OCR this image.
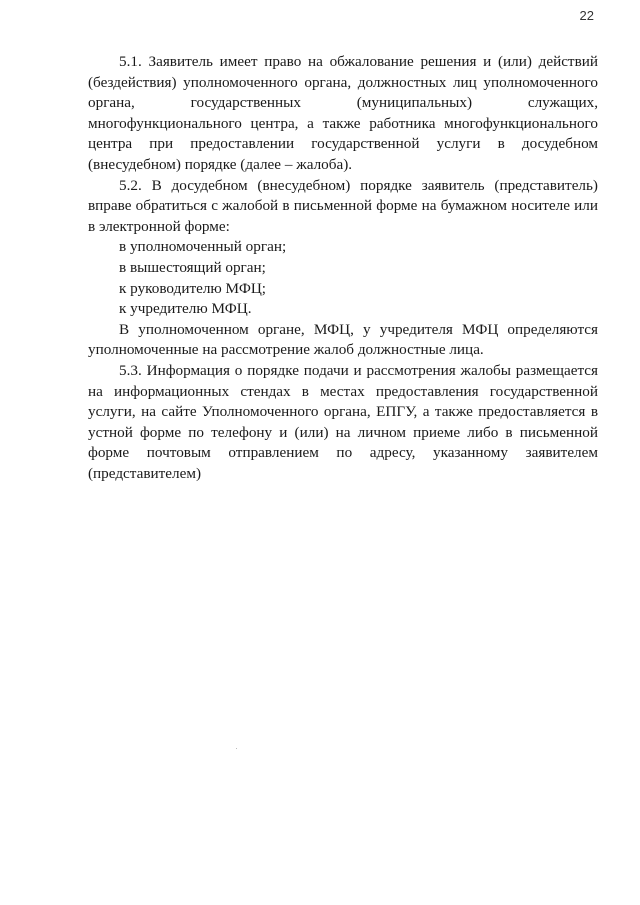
22

5.1. Заявитель имеет право на обжалование решения и (или) действий (бездействия) уполномоченного органа, должностных лиц уполномоченного органа, государственных (муниципальных) служащих, многофункционального центра, а также работника многофункционального центра при предоставлении государственной услуги в досудебном (внесудебном) порядке (далее – жалоба).

5.2. В досудебном (внесудебном) порядке заявитель (представитель) вправе обратиться с жалобой в письменной форме на бумажном носителе или в электронной форме:

в уполномоченный орган;

в вышестоящий орган;

к руководителю МФЦ;

к учредителю МФЦ.

В уполномоченном органе, МФЦ, у учредителя МФЦ определяются уполномоченные на рассмотрение жалоб должностные лица.

5.3. Информация о порядке подачи и рассмотрения жалобы размещается на информационных стендах в местах предоставления государственной услуги, на сайте Уполномоченного органа, ЕПГУ, а также предоставляется в устной форме по телефону и (или) на личном приеме либо в письменной форме почтовым отправлением по адресу, указанному заявителем (представителем)
